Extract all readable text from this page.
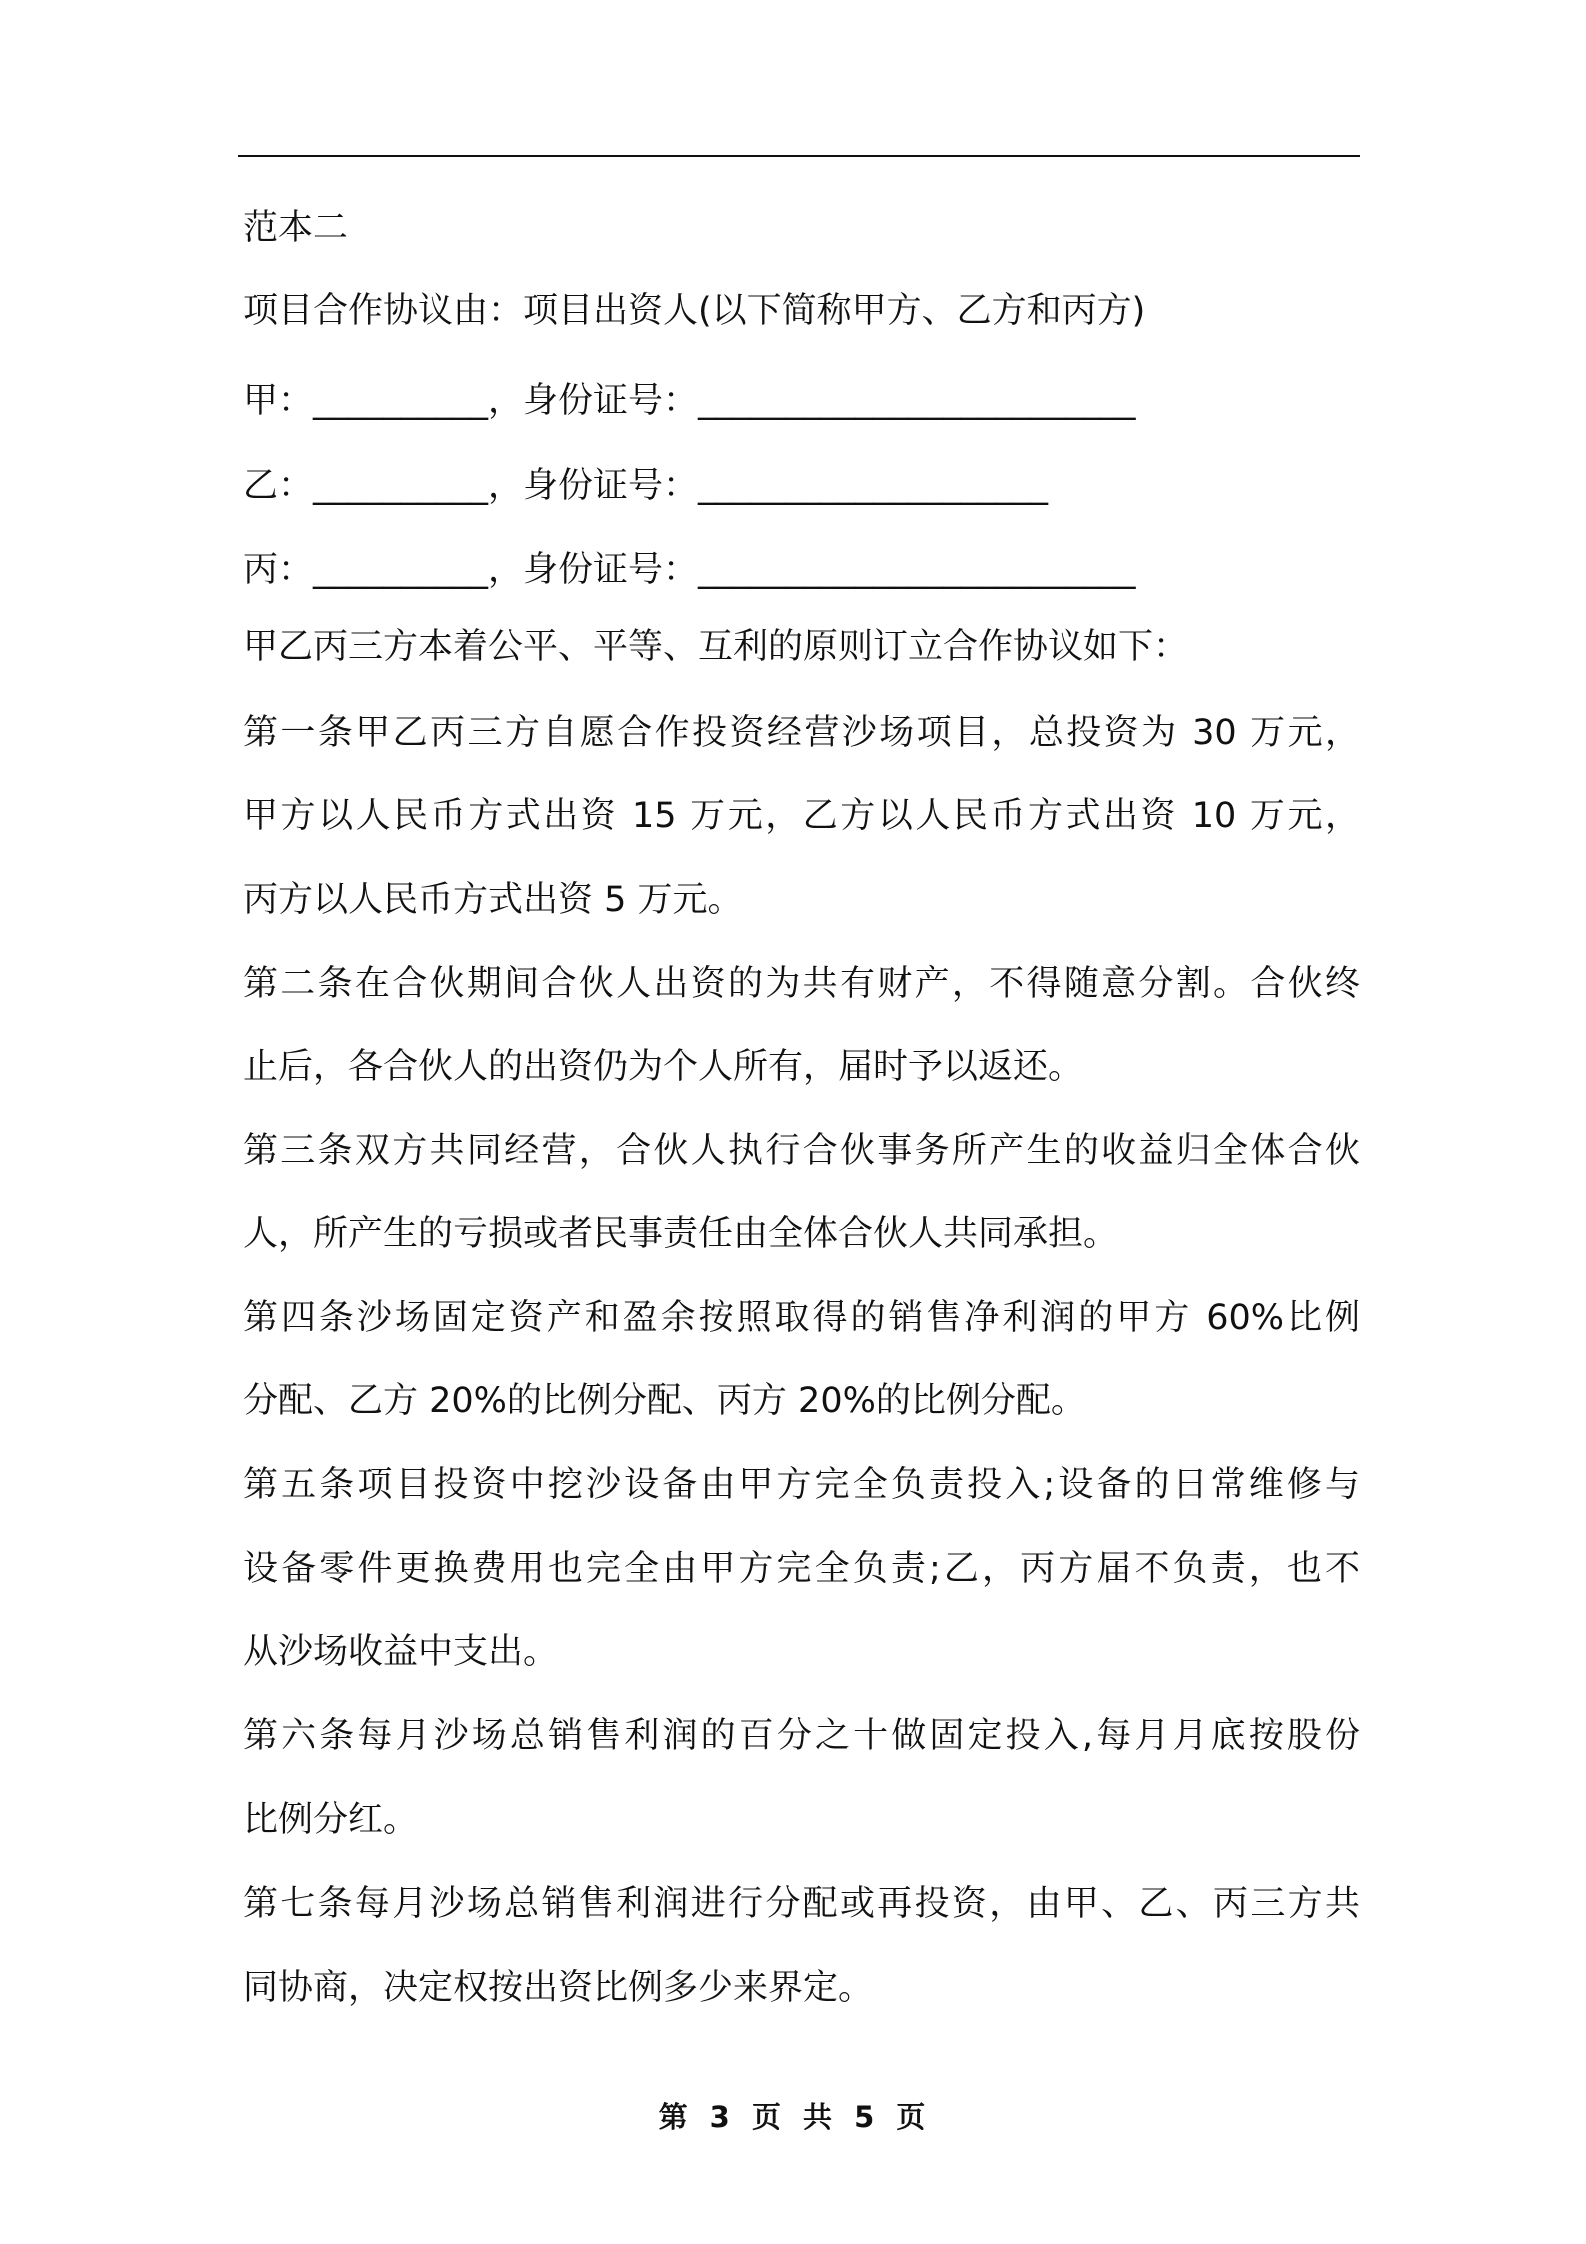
范本二
项目合作协议由：项目出资人(以下简称甲方、乙方和丙方)
甲：__________，身份证号：_________________________
乙：__________，身份证号：____________________
丙：__________，身份证号：_________________________
甲乙丙三方本着公平、平等、互利的原则订立合作协议如下：
第一条甲乙丙三方自愿合作投资经营沙场项目，总投资为 30 万元，
甲方以人民币方式出资 15 万元，乙方以人民币方式出资 10 万元，
丙方以人民币方式出资 5 万元。
第二条在合伙期间合伙人出资的为共有财产，不得随意分割。合伙终
止后，各合伙人的出资仍为个人所有，届时予以返还。
第三条双方共同经营，合伙人执行合伙事务所产生的收益归全体合伙
人，所产生的亏损或者民事责任由全体合伙人共同承担。
第四条沙场固定资产和盈余按照取得的销售净利润的甲方 60%比例
分配、乙方 20%的比例分配、丙方 20%的比例分配。
第五条项目投资中挖沙设备由甲方完全负责投入;设备的日常维修与
设备零件更换费用也完全由甲方完全负责;乙，丙方届不负责，也不
从沙场收益中支出。
第六条每月沙场总销售利润的百分之十做固定投入,每月月底按股份
比例分红。
第七条每月沙场总销售利润进行分配或再投资，由甲、乙、丙三方共
同协商，决定权按出资比例多少来界定。
第 3 页 共 5 页
